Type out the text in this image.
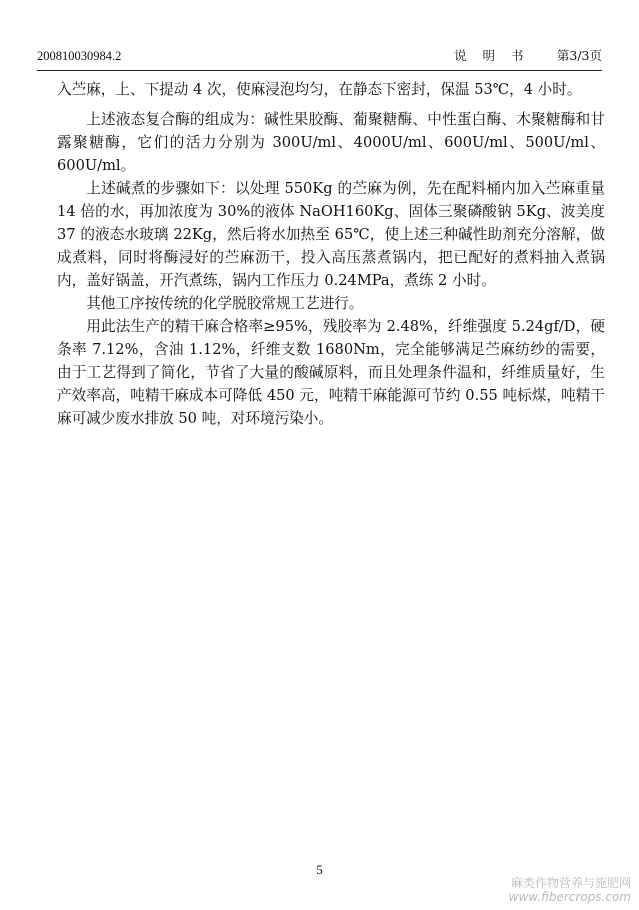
200810030984.2	说 明 书 第3/3页

入苎麻，上、下提动 4 次，使麻浸泡均匀，在静态下密封，保温 53℃，4 小时。

上述液态复合酶的组成为：碱性果胶酶、葡聚糖酶、中性蛋白酶、木聚糖酶和甘露聚糖酶，它们的活力分别为 300U/ml、4000U/ml、600U/ml、500U/ml、600U/ml。

上述碱煮的步骤如下：以处理 550Kg 的苎麻为例，先在配料桶内加入苎麻重量 14 倍的水，再加浓度为 30%的液体 NaOH160Kg、固体三聚磷酸钠 5Kg、波美度 37 的液态水玻璃 22Kg，然后将水加热至 65℃，使上述三种碱性助剂充分溶解，做成煮料，同时将酶浸好的苎麻沥干，投入高压蒸煮锅内，把已配好的煮料抽入煮锅内，盖好锅盖，开汽煮练，锅内工作压力 0.24MPa，煮练 2 小时。

其他工序按传统的化学脱胶常规工艺进行。

用此法生产的精干麻合格率≥95%，残胶率为 2.48%，纤维强度 5.24gf/D，硬条率 7.12%，含油 1.12%，纤维支数 1680Nm，完全能够满足苎麻纺纱的需要，由于工艺得到了简化，节省了大量的酸碱原料，而且处理条件温和，纤维质量好，生产效率高，吨精干麻成本可降低 450 元，吨精干麻能源可节约 0.55 吨标煤，吨精干麻可减少废水排放 50 吨，对环境污染小。

5
麻类作物营养与施肥网
www.fibercrops.com
